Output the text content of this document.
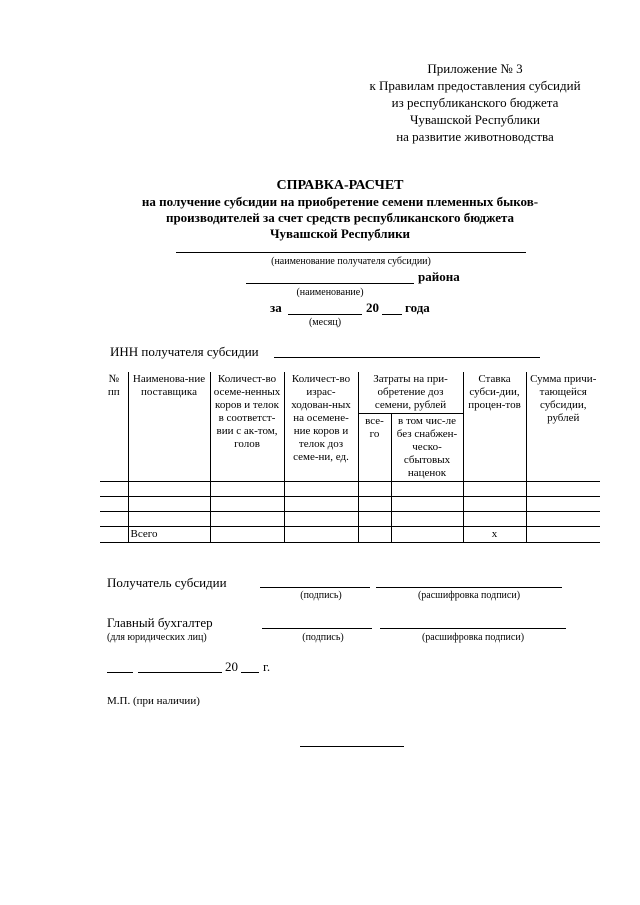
Приложение № 3
к Правилам предоставления субсидий
из республиканского бюджета
Чувашской Республики
на развитие животноводства
СПРАВКА-РАСЧЕТ
на получение субсидии на приобретение семени племенных быков-
производителей за счет средств республиканского бюджета
Чувашской Республики
(наименование получателя субсидии)
района
(наименование)
за	20 года
(месяц)
ИНН получателя субсидии
№ пп	Наименова-ние поставщика	Количест-во осеме-ненных коров и телок в соответст-вии с ак-том, голов	Количест-во израс-ходован-ных на осемене-ние коров и телок доз семе-ни, ед.	Затраты на при-обретение доз семени, рублей		Ставка субси-дии, процен-тов	Сумма причи-тающейся субсидии, рублей
				все-го	в том чис-ле без снабжен-ческо-сбытовых наценок		

	Всего					x	
Получатель субсидии
(подпись)	(расшифровка подписи)
Главный бухгалтер
(для юридических лиц)	(подпись)	(расшифровка подписи)
20 г.
М.П. (при наличии)
